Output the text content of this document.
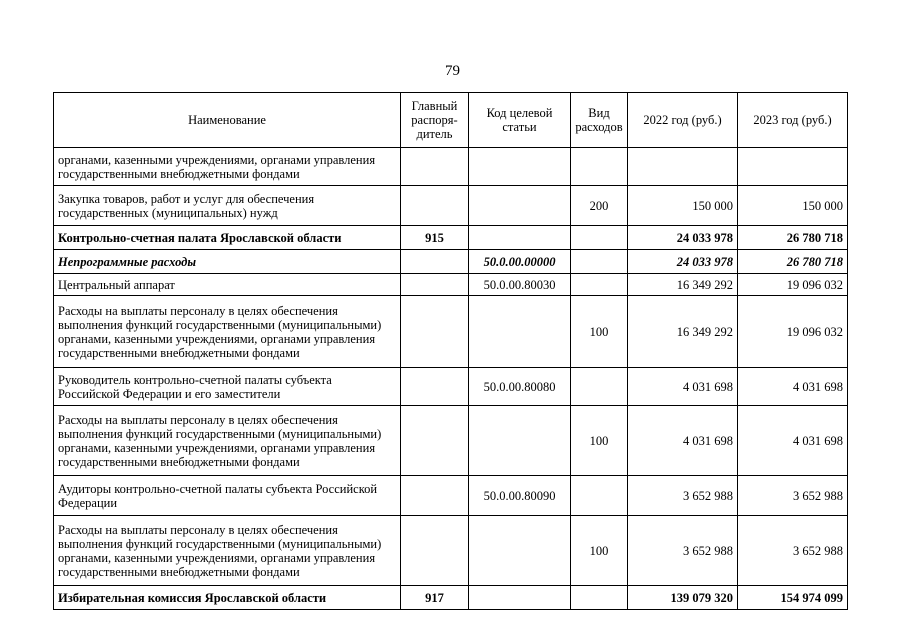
79
Наименование	Главный распоря-дитель	Код целевой статьи	Вид расходов	2022 год (руб.)	2023 год (руб.)
органами, казенными учреждениями, органами управления государственными внебюджетными фондами					
Закупка товаров, работ и услуг для обеспечения государственных (муниципальных) нужд			200	150 000	150 000
Контрольно-счетная палата Ярославской области	915			24 033 978	26 780 718
Непрограммные расходы		50.0.00.00000		24 033 978	26 780 718
Центральный аппарат		50.0.00.80030		16 349 292	19 096 032
Расходы на выплаты персоналу в целях обеспечения выполнения функций государственными (муниципальными) органами, казенными учреждениями, органами управления государственными внебюджетными фондами			100	16 349 292	19 096 032
Руководитель контрольно-счетной палаты субъекта Российской Федерации и его заместители		50.0.00.80080		4 031 698	4 031 698
Расходы на выплаты персоналу в целях обеспечения выполнения функций государственными (муниципальными) органами, казенными учреждениями, органами управления государственными внебюджетными фондами			100	4 031 698	4 031 698
Аудиторы контрольно-счетной палаты субъекта Российской Федерации		50.0.00.80090		3 652 988	3 652 988
Расходы на выплаты персоналу в целях обеспечения выполнения функций государственными (муниципальными) органами, казенными учреждениями, органами управления государственными внебюджетными фондами			100	3 652 988	3 652 988
Избирательная комиссия Ярославской области	917			139 079 320	154 974 099
